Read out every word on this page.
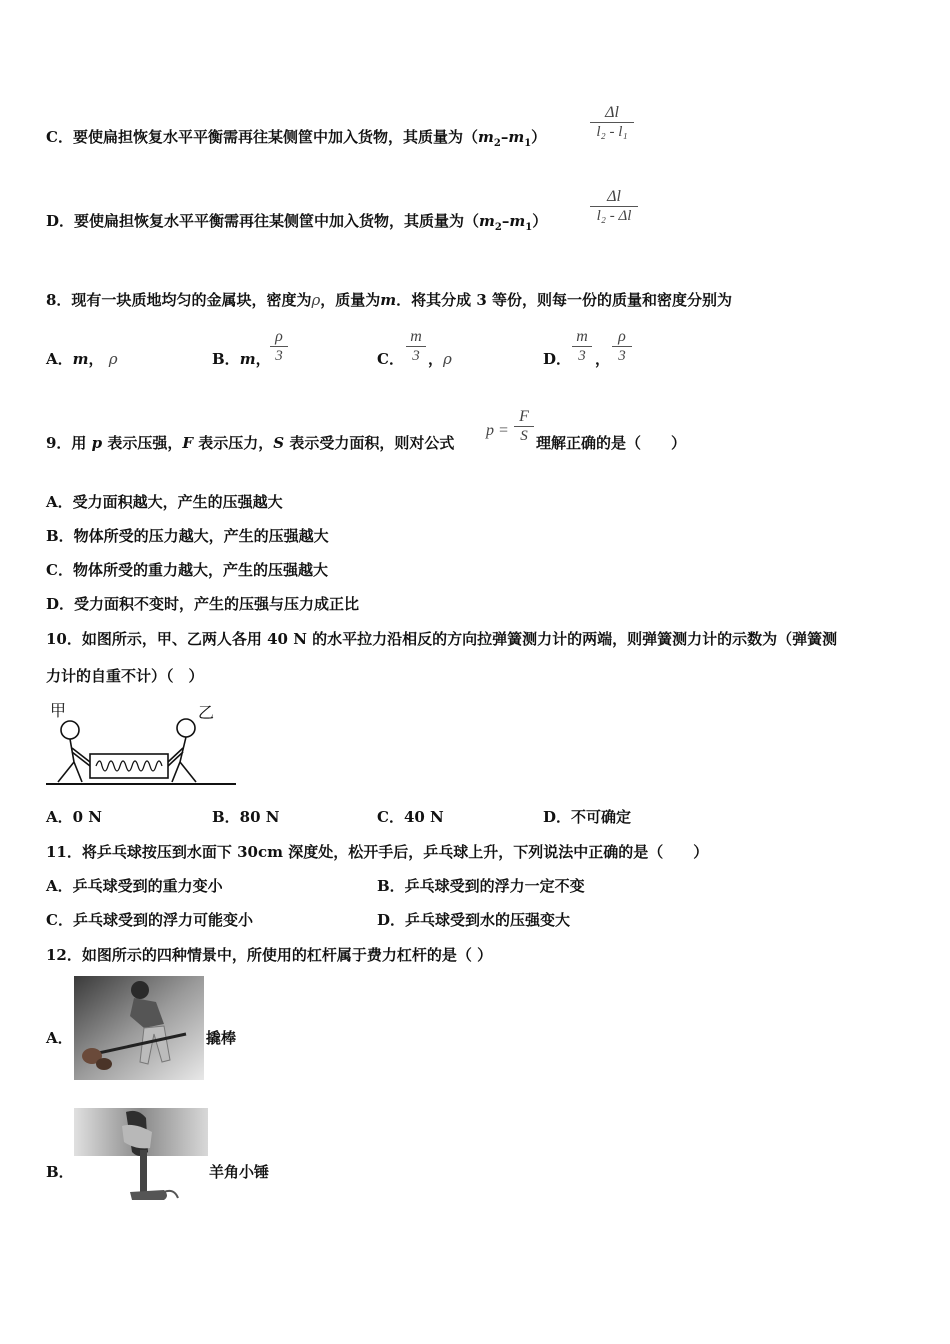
C．要使扁担恢复水平平衡需再往某侧筐中加入货物，其质量为$(m_2-m_1)$
Δl
l₂ - l₁
D．要使扁担恢复水平平衡需再往某侧筐中加入货物，其质量为$(m_2-m_1)$
Δl
l₂ - Δl
8．现有一块质地均匀的金属块，密度为ρ，质量为m．将其分成 3 等份，则每一份的质量和密度分别为
A．m， ρ	B．m，
ρ
3	C．
m
3 ，ρ	D．
m
3 ，
ρ
3
9．用 p 表示压强，F 表示压力，S 表示受力面积，则对公式
p =
F
S 理解正确的是（　　）
A．受力面积越大，产生的压强越大
B．物体所受的压力越大，产生的压强越大
C．物体所受的重力越大，产生的压强越大
D．受力面积不变时，产生的压强与压力成正比
10．如图所示，甲、乙两人各用 40 N 的水平拉力沿相反的方向拉弹簧测力计的两端，则弹簧测力计的示数为（弹簧测
力计的自重不计）（　）
甲	乙
A．0 N	B．80 N	C．40 N	D．不可确定
11．将乒乓球按压到水面下 30cm 深度处，松开手后，乒乓球上升，下列说法中正确的是（　　）
A．乒乓球受到的重力变小	B．乒乓球受到的浮力一定不变
C．乒乓球受到的浮力可能变小	D．乒乓球受到水的压强变大
12．如图所示的四种情景中，所使用的杠杆属于费力杠杆的是（ ）
A．	撬棒
B．	羊角小锤
